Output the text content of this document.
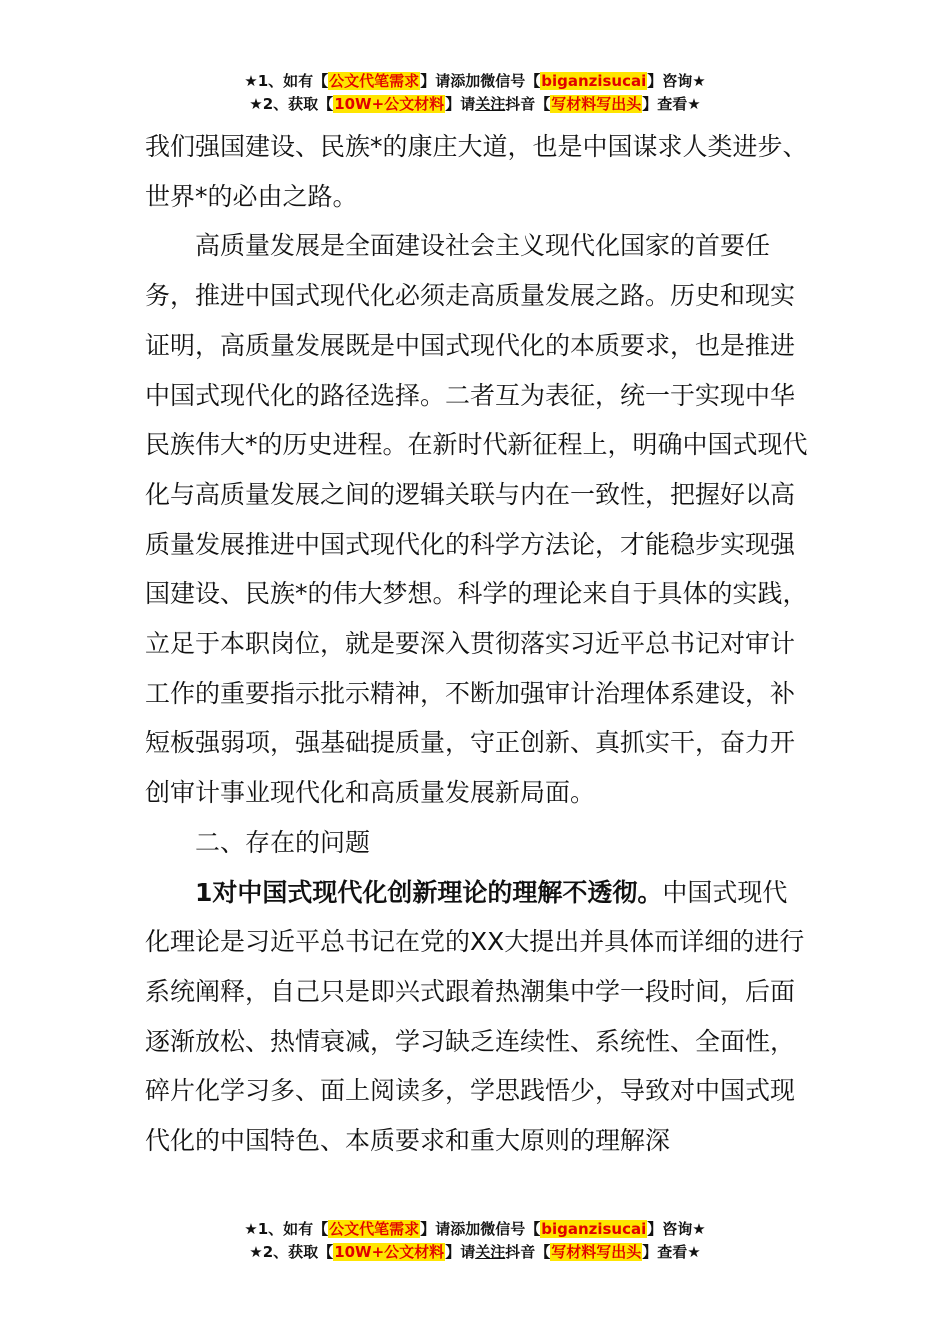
★1、如有【公文代笔需求】请添加微信号【biganzisucai】咨询★
★2、获取【10W+公文材料】请关注抖音【写材料写出头】查看★

我们强国建设、民族*的康庄大道，也是中国谋求人类进步、世界*的必由之路。

高质量发展是全面建设社会主义现代化国家的首要任务，推进中国式现代化必须走高质量发展之路。历史和现实证明，高质量发展既是中国式现代化的本质要求，也是推进中国式现代化的路径选择。二者互为表征，统一于实现中华民族伟大*的历史进程。在新时代新征程上，明确中国式现代化与高质量发展之间的逻辑关联与内在一致性，把握好以高质量发展推进中国式现代化的科学方法论，才能稳步实现强国建设、民族*的伟大梦想。科学的理论来自于具体的实践，立足于本职岗位，就是要深入贯彻落实习近平总书记对审计工作的重要指示批示精神，不断加强审计治理体系建设，补短板强弱项，强基础提质量，守正创新、真抓实干，奋力开创审计事业现代化和高质量发展新局面。

二、存在的问题

1对中国式现代化创新理论的理解不透彻。中国式现代化理论是习近平总书记在党的XX大提出并具体而详细的进行系统阐释，自己只是即兴式跟着热潮集中学一段时间，后面逐渐放松、热情衰减，学习缺乏连续性、系统性、全面性，碎片化学习多、面上阅读多，学思践悟少，导致对中国式现代化的中国特色、本质要求和重大原则的理解深

★1、如有【公文代笔需求】请添加微信号【biganzisucai】咨询★
★2、获取【10W+公文材料】请关注抖音【写材料写出头】查看★
